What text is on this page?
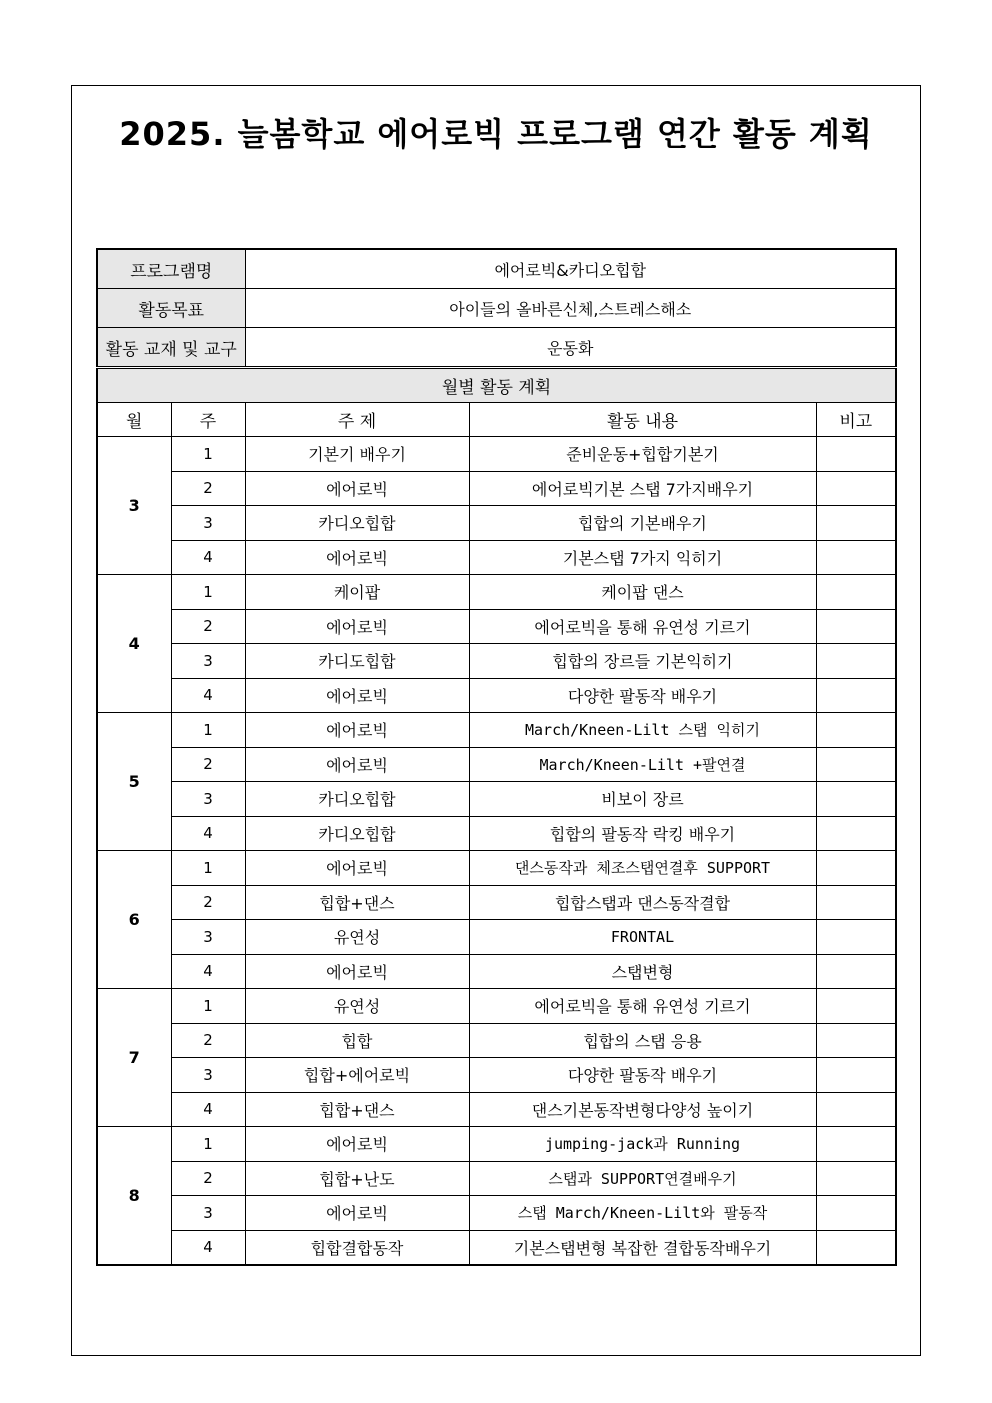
2025. 늘봄학교 에어로빅 프로그램 연간 활동 계획
프로그램명		에어로빅&카디오힙합		
활동목표		아이들의 올바른신체,스트레스해소		
활동 교재 및 교구		운동화		
월별 활동 계획				
월	주	주 제	활동 내용	비고
3	1	기본기 배우기	준비운동+힙합기본기	
	2	에어로빅	에어로빅기본 스탭 7가지배우기	
	3	카디오힙합	힙합의 기본배우기	
	4	에어로빅	기본스탭 7가지 익히기	
4	1	케이팝	케이팝 댄스	
	2	에어로빅	에어로빅을 통해 유연성 기르기	
	3	카디도힙합	힙합의 장르들 기본익히기	
	4	에어로빅	다양한 팔동작 배우기	
5	1	에어로빅	March/Kneen-Lilt 스탭 익히기	
	2	에어로빅	March/Kneen-Lilt +팔연결	
	3	카디오힙합	비보이 장르	
	4	카디오힙합	힙합의 팔동작 락킹 배우기	
6	1	에어로빅	댄스동작과 체조스탭연결후 SUPPORT	
	2	힙합+댄스	힙합스탭과 댄스동작결합	
	3	유연성	FRONTAL	
	4	에어로빅	스탭변형	
7	1	유연성	에어로빅을 통해 유연성 기르기	
	2	힙합	힙합의 스탭 응용	
	3	힙합+에어로빅	다양한 팔동작 배우기	
	4	힙합+댄스	댄스기본동작변형다양성 높이기	
8	1	에어로빅	jumping-jack과 Running	
	2	힙합+난도	스탭과 SUPPORT연결배우기	
	3	에어로빅	스탭 March/Kneen-Lilt와 팔동작	
	4	힙합결합동작	기본스탭변형 복잡한 결합동작배우기	
